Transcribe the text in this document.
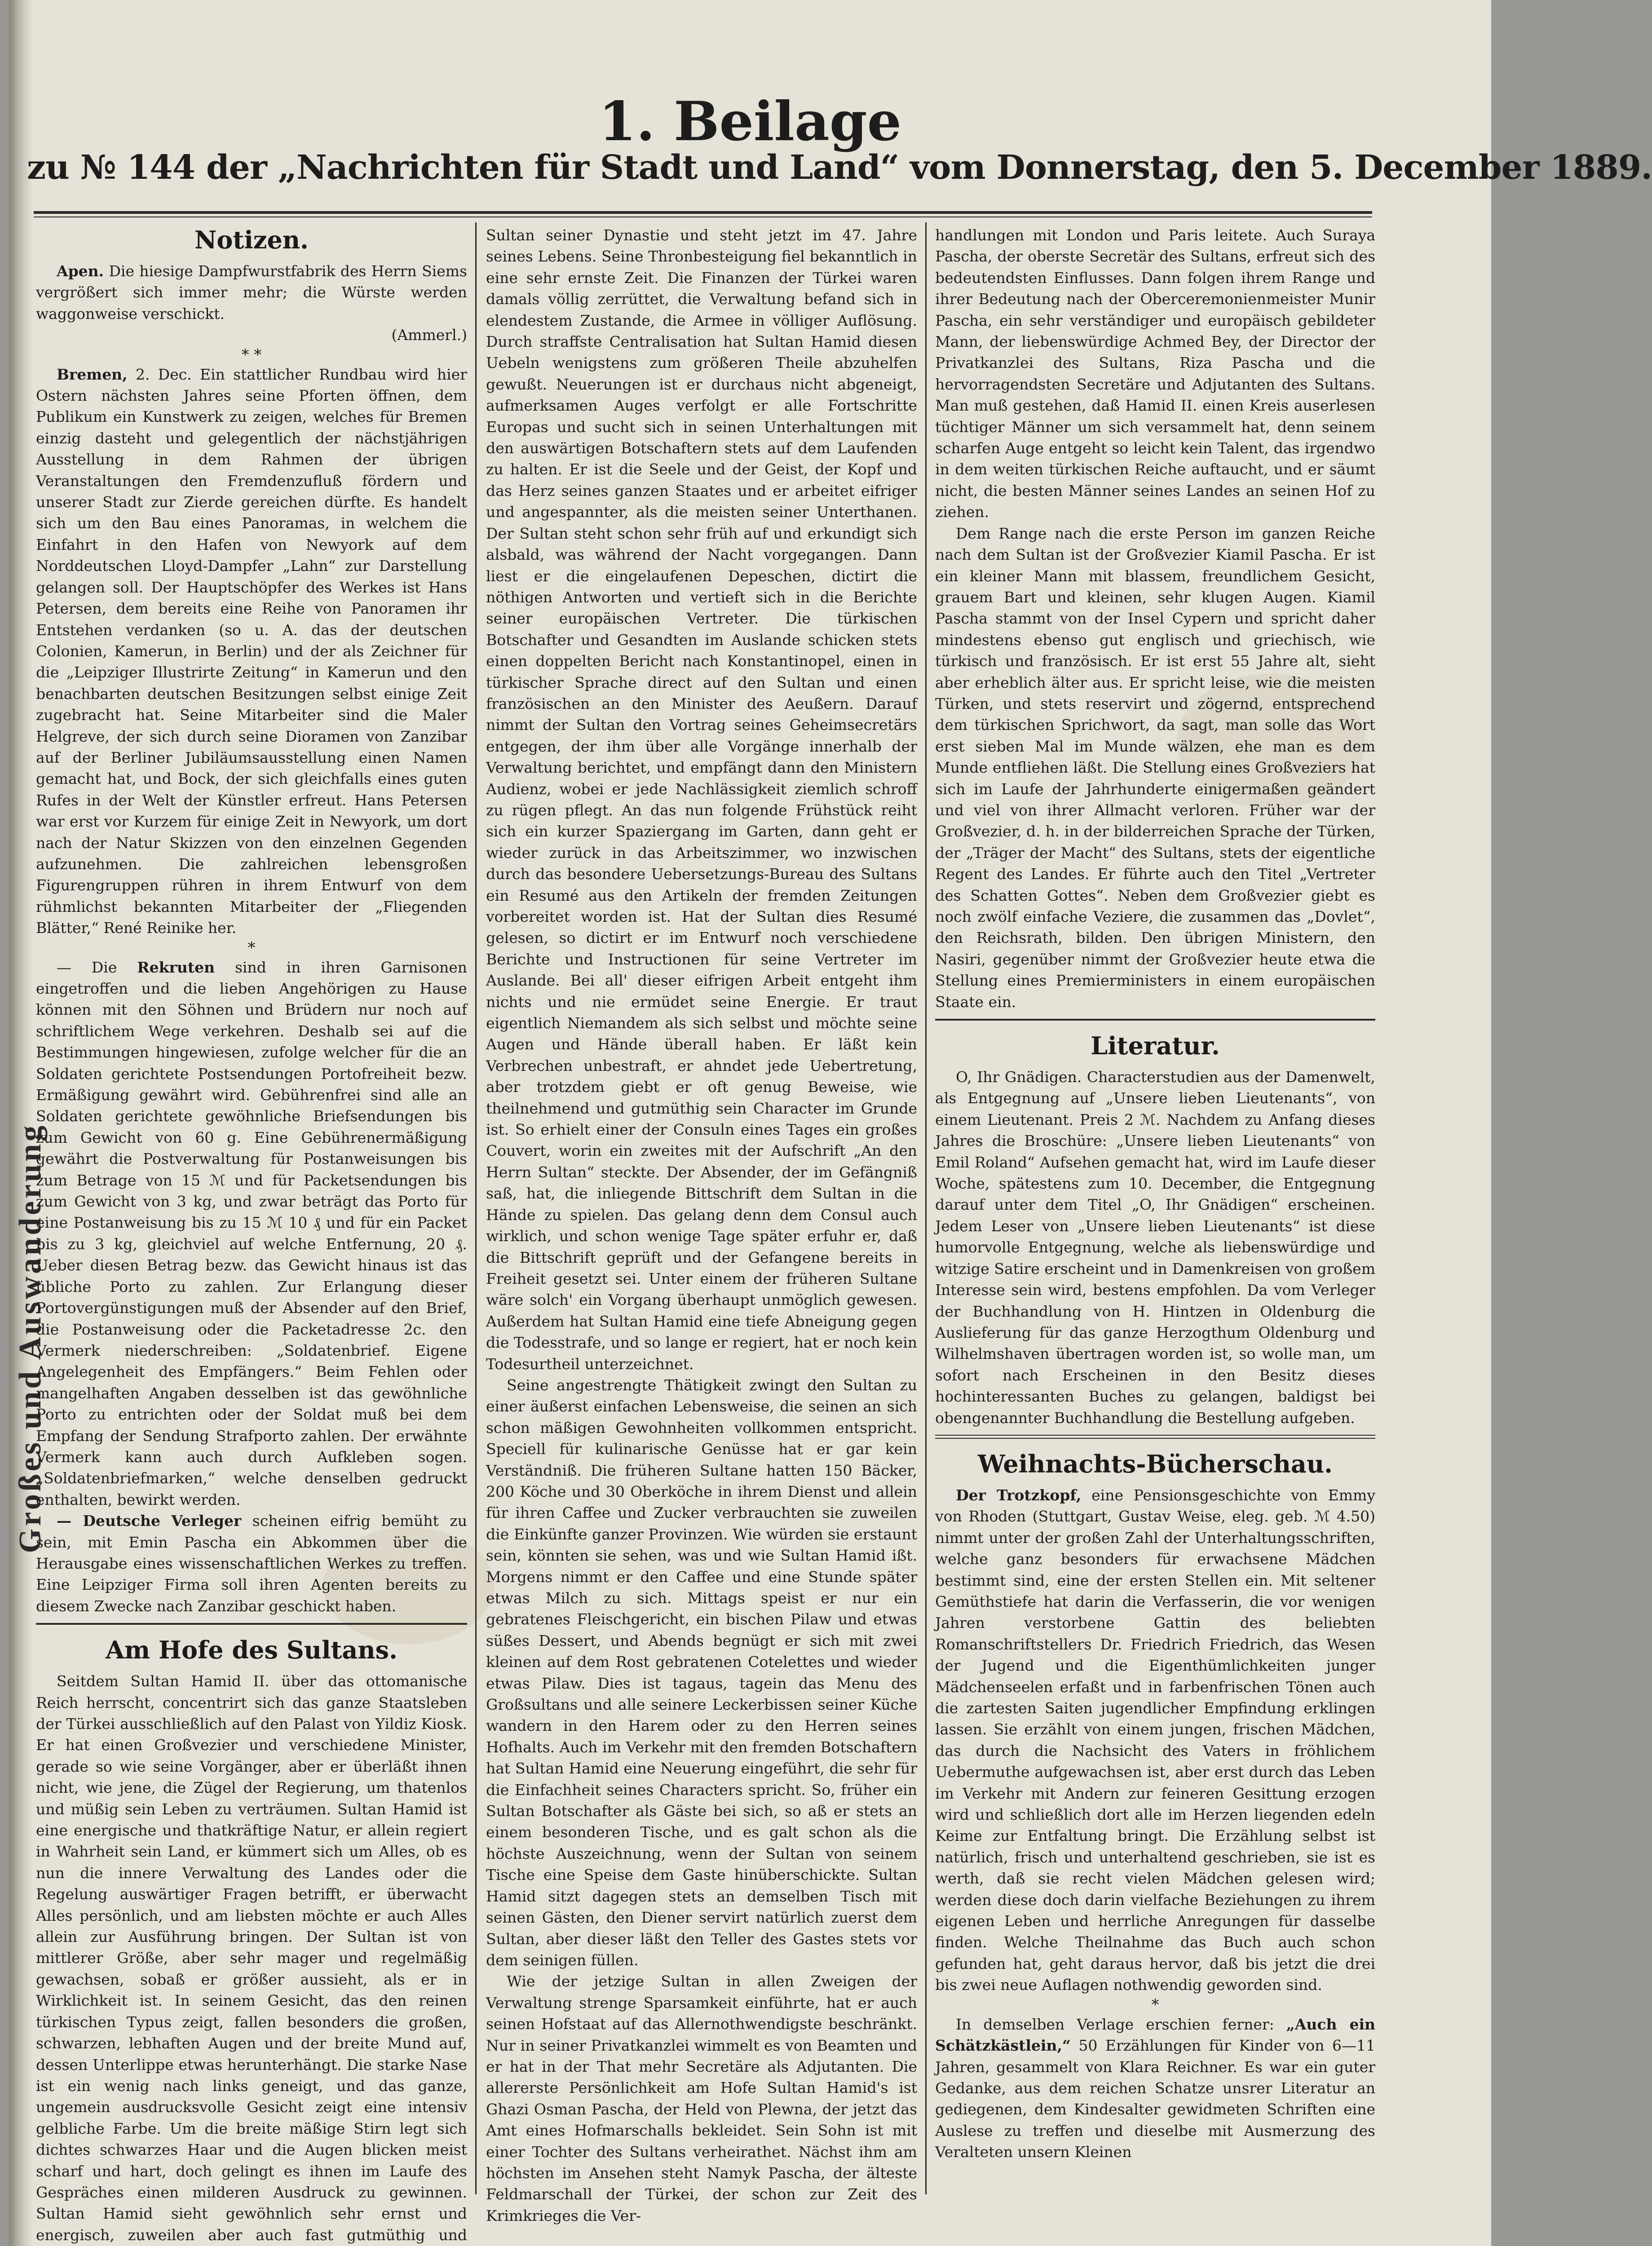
Großes und Auswanderung
1. Beilage
zu № 144 der „Nachrichten für Stadt und Land“ vom Donnerstag, den 5. December 1889.
Notizen.

Apen. Die hiesige Dampfwurstfabrik des Herrn Siems vergrößert sich immer mehr; die Würste werden waggonweise verschickt.

(Ammerl.)
* *

Bremen, 2. Dec. Ein stattlicher Rundbau wird hier Ostern nächsten Jahres seine Pforten öffnen, dem Publikum ein Kunstwerk zu zeigen, welches für Bremen einzig dasteht und gelegentlich der nächstjährigen Ausstellung in dem Rahmen der übrigen Veranstaltungen den Fremdenzufluß fördern und unserer Stadt zur Zierde gereichen dürfte. Es handelt sich um den Bau eines Panoramas, in welchem die Einfahrt in den Hafen von Newyork auf dem Norddeutschen Lloyd-Dampfer „Lahn“ zur Darstellung gelangen soll. Der Hauptschöpfer des Werkes ist Hans Petersen, dem bereits eine Reihe von Panoramen ihr Entstehen verdanken (so u. A. das der deutschen Colonien, Kamerun, in Berlin) und der als Zeichner für die „Leipziger Illustrirte Zeitung“ in Kamerun und den benachbarten deutschen Besitzungen selbst einige Zeit zugebracht hat. Seine Mitarbeiter sind die Maler Helgreve, der sich durch seine Dioramen von Zanzibar auf der Berliner Jubiläumsausstellung einen Namen gemacht hat, und Bock, der sich gleichfalls eines guten Rufes in der Welt der Künstler erfreut. Hans Petersen war erst vor Kurzem für einige Zeit in Newyork, um dort nach der Natur Skizzen von den einzelnen Gegenden aufzunehmen. Die zahlreichen lebensgroßen Figurengruppen rühren in ihrem Entwurf von dem rühmlichst bekannten Mitarbeiter der „Fliegenden Blätter,“ René Reinike her.

*

— Die Rekruten sind in ihren Garnisonen eingetroffen und die lieben Angehörigen zu Hause können mit den Söhnen und Brüdern nur noch auf schriftlichem Wege verkehren. Deshalb sei auf die Bestimmungen hingewiesen, zufolge welcher für die an Soldaten gerichtete Postsendungen Portofreiheit bezw. Ermäßigung gewährt wird. Gebührenfrei sind alle an Soldaten gerichtete gewöhnliche Briefsendungen bis zum Gewicht von 60 g. Eine Gebührenermäßigung gewährt die Postverwaltung für Postanweisungen bis zum Betrage von 15 ℳ und für Packetsendungen bis zum Gewicht von 3 kg, und zwar beträgt das Porto für eine Postanweisung bis zu 15 ℳ 10 ₰ und für ein Packet bis zu 3 kg, gleichviel auf welche Entfernung, 20 ₰. Ueber diesen Betrag bezw. das Gewicht hinaus ist das übliche Porto zu zahlen. Zur Erlangung dieser Portovergünstigungen muß der Absender auf den Brief, die Postanweisung oder die Packetadresse 2c. den Vermerk niederschreiben: „Soldatenbrief. Eigene Angelegenheit des Empfängers.“ Beim Fehlen oder mangelhaften Angaben desselben ist das gewöhnliche Porto zu entrichten oder der Soldat muß bei dem Empfang der Sendung Strafporto zahlen. Der erwähnte Vermerk kann auch durch Aufkleben sogen. „Soldatenbriefmarken,“ welche denselben gedruckt enthalten, bewirkt werden.

— Deutsche Verleger scheinen eifrig bemüht zu sein, mit Emin Pascha ein Abkommen über die Herausgabe eines wissenschaftlichen Werkes zu treffen. Eine Leipziger Firma soll ihren Agenten bereits zu diesem Zwecke nach Zanzibar geschickt haben.

Am Hofe des Sultans.

Seitdem Sultan Hamid II. über das ottomanische Reich herrscht, concentrirt sich das ganze Staatsleben der Türkei ausschließlich auf den Palast von Yildiz Kiosk. Er hat einen Großvezier und verschiedene Minister, gerade so wie seine Vorgänger, aber er überläßt ihnen nicht, wie jene, die Zügel der Regierung, um thatenlos und müßig sein Leben zu verträumen. Sultan Hamid ist eine energische und thatkräftige Natur, er allein regiert in Wahrheit sein Land, er kümmert sich um Alles, ob es nun die innere Verwaltung des Landes oder die Regelung auswärtiger Fragen betrifft, er überwacht Alles persönlich, und am liebsten möchte er auch Alles allein zur Ausführung bringen. Der Sultan ist von mittlerer Größe, aber sehr mager und regelmäßig gewachsen, sobaß er größer aussieht, als er in Wirklichkeit ist. In seinem Gesicht, das den reinen türkischen Typus zeigt, fallen besonders die großen, schwarzen, lebhaften Augen und der breite Mund auf, dessen Unterlippe etwas herunterhängt. Die starke Nase ist ein wenig nach links geneigt, und das ganze, ungemein ausdrucksvolle Gesicht zeigt eine intensiv gelbliche Farbe. Um die breite mäßige Stirn legt sich dichtes schwarzes Haar und die Augen blicken meist scharf und hart, doch gelingt es ihnen im Laufe des Gespräches einen milderen Ausdruck zu gewinnen. Sultan Hamid sieht gewöhnlich sehr ernst und energisch, zuweilen aber auch fast gutmüthig und

Sultan seiner Dynastie und steht jetzt im 47. Jahre seines Lebens. Seine Thronbesteigung fiel bekanntlich in eine sehr ernste Zeit. Die Finanzen der Türkei waren damals völlig zerrüttet, die Verwaltung befand sich in elendestem Zustande, die Armee in völliger Auflösung. Durch straffste Centralisation hat Sultan Hamid diesen Uebeln wenigstens zum größeren Theile abzuhelfen gewußt. Neuerungen ist er durchaus nicht abgeneigt, aufmerksamen Auges verfolgt er alle Fortschritte Europas und sucht sich in seinen Unterhaltungen mit den auswärtigen Botschaftern stets auf dem Laufenden zu halten. Er ist die Seele und der Geist, der Kopf und das Herz seines ganzen Staates und er arbeitet eifriger und angespannter, als die meisten seiner Unterthanen. Der Sultan steht schon sehr früh auf und erkundigt sich alsbald, was während der Nacht vorgegangen. Dann liest er die eingelaufenen Depeschen, dictirt die nöthigen Antworten und vertieft sich in die Berichte seiner europäischen Vertreter. Die türkischen Botschafter und Gesandten im Auslande schicken stets einen doppelten Bericht nach Konstantinopel, einen in türkischer Sprache direct auf den Sultan und einen französischen an den Minister des Aeußern. Darauf nimmt der Sultan den Vortrag seines Geheimsecretärs entgegen, der ihm über alle Vorgänge innerhalb der Verwaltung berichtet, und empfängt dann den Ministern Audienz, wobei er jede Nachlässigkeit ziemlich schroff zu rügen pflegt. An das nun folgende Frühstück reiht sich ein kurzer Spaziergang im Garten, dann geht er wieder zurück in das Arbeitszimmer, wo inzwischen durch das besondere Uebersetzungs-Bureau des Sultans ein Resumé aus den Artikeln der fremden Zeitungen vorbereitet worden ist. Hat der Sultan dies Resumé gelesen, so dictirt er im Entwurf noch verschiedene Berichte und Instructionen für seine Vertreter im Auslande. Bei all' dieser eifrigen Arbeit entgeht ihm nichts und nie ermüdet seine Energie. Er traut eigentlich Niemandem als sich selbst und möchte seine Augen und Hände überall haben. Er läßt kein Verbrechen unbestraft, er ahndet jede Uebertretung, aber trotzdem giebt er oft genug Beweise, wie theilnehmend und gutmüthig sein Character im Grunde ist. So erhielt einer der Consuln eines Tages ein großes Couvert, worin ein zweites mit der Aufschrift „An den Herrn Sultan“ steckte. Der Absender, der im Gefängniß saß, hat, die inliegende Bittschrift dem Sultan in die Hände zu spielen. Das gelang denn dem Consul auch wirklich, und schon wenige Tage später erfuhr er, daß die Bittschrift geprüft und der Gefangene bereits in Freiheit gesetzt sei. Unter einem der früheren Sultane wäre solch' ein Vorgang überhaupt unmöglich gewesen. Außerdem hat Sultan Hamid eine tiefe Abneigung gegen die Todesstrafe, und so lange er regiert, hat er noch kein Todesurtheil unterzeichnet.

Seine angestrengte Thätigkeit zwingt den Sultan zu einer äußerst einfachen Lebensweise, die seinen an sich schon mäßigen Gewohnheiten vollkommen entspricht. Speciell für kulinarische Genüsse hat er gar kein Verständniß. Die früheren Sultane hatten 150 Bäcker, 200 Köche und 30 Oberköche in ihrem Dienst und allein für ihren Caffee und Zucker verbrauchten sie zuweilen die Einkünfte ganzer Provinzen. Wie würden sie erstaunt sein, könnten sie sehen, was und wie Sultan Hamid ißt. Morgens nimmt er den Caffee und eine Stunde später etwas Milch zu sich. Mittags speist er nur ein gebratenes Fleischgericht, ein bischen Pilaw und etwas süßes Dessert, und Abends begnügt er sich mit zwei kleinen auf dem Rost gebratenen Cotelettes und wieder etwas Pilaw. Dies ist tagaus, tagein das Menu des Großsultans und alle seinere Leckerbissen seiner Küche wandern in den Harem oder zu den Herren seines Hofhalts. Auch im Verkehr mit den fremden Botschaftern hat Sultan Hamid eine Neuerung eingeführt, die sehr für die Einfachheit seines Characters spricht. So, früher ein Sultan Botschafter als Gäste bei sich, so aß er stets an einem besonderen Tische, und es galt schon als die höchste Auszeichnung, wenn der Sultan von seinem Tische eine Speise dem Gaste hinüberschickte. Sultan Hamid sitzt dagegen stets an demselben Tisch mit seinen Gästen, den Diener servirt natürlich zuerst dem Sultan, aber dieser läßt den Teller des Gastes stets vor dem seinigen füllen.

Wie der jetzige Sultan in allen Zweigen der Verwaltung strenge Sparsamkeit einführte, hat er auch seinen Hofstaat auf das Allernothwendigste beschränkt. Nur in seiner Privatkanzlei wimmelt es von Beamten und er hat in der That mehr Secretäre als Adjutanten. Die allererste Persönlichkeit am Hofe Sultan Hamid's ist Ghazi Osman Pascha, der Held von Plewna, der jetzt das Amt eines Hofmarschalls bekleidet. Sein Sohn ist mit einer Tochter des Sultans verheirathet. Nächst ihm am höchsten im Ansehen steht Namyk Pascha, der älteste Feldmarschall der Türkei, der schon zur Zeit des Krimkrieges die Ver-

handlungen mit London und Paris leitete. Auch Suraya Pascha, der oberste Secretär des Sultans, erfreut sich des bedeutendsten Einflusses. Dann folgen ihrem Range und ihrer Bedeutung nach der Oberceremonienmeister Munir Pascha, ein sehr verständiger und europäisch gebildeter Mann, der liebenswürdige Achmed Bey, der Director der Privatkanzlei des Sultans, Riza Pascha und die hervorragendsten Secretäre und Adjutanten des Sultans. Man muß gestehen, daß Hamid II. einen Kreis auserlesen tüchtiger Männer um sich versammelt hat, denn seinem scharfen Auge entgeht so leicht kein Talent, das irgendwo in dem weiten türkischen Reiche auftaucht, und er säumt nicht, die besten Männer seines Landes an seinen Hof zu ziehen.

Dem Range nach die erste Person im ganzen Reiche nach dem Sultan ist der Großvezier Kiamil Pascha. Er ist ein kleiner Mann mit blassem, freundlichem Gesicht, grauem Bart und kleinen, sehr klugen Augen. Kiamil Pascha stammt von der Insel Cypern und spricht daher mindestens ebenso gut englisch und griechisch, wie türkisch und französisch. Er ist erst 55 Jahre alt, sieht aber erheblich älter aus. Er spricht leise, wie die meisten Türken, und stets reservirt und zögernd, entsprechend dem türkischen Sprichwort, da sagt, man solle das Wort erst sieben Mal im Munde wälzen, ehe man es dem Munde entfliehen läßt. Die Stellung eines Großveziers hat sich im Laufe der Jahrhunderte einigermaßen geändert und viel von ihrer Allmacht verloren. Früher war der Großvezier, d. h. in der bilderreichen Sprache der Türken, der „Träger der Macht“ des Sultans, stets der eigentliche Regent des Landes. Er führte auch den Titel „Vertreter des Schatten Gottes“. Neben dem Großvezier giebt es noch zwölf einfache Veziere, die zusammen das „Dovlet“, den Reichsrath, bilden. Den übrigen Ministern, den Nasiri, gegenüber nimmt der Großvezier heute etwa die Stellung eines Premierministers in einem europäischen Staate ein.

Literatur.

O, Ihr Gnädigen. Characterstudien aus der Damenwelt, als Entgegnung auf „Unsere lieben Lieutenants“, von einem Lieutenant. Preis 2 ℳ. Nachdem zu Anfang dieses Jahres die Broschüre: „Unsere lieben Lieutenants“ von Emil Roland“ Aufsehen gemacht hat, wird im Laufe dieser Woche, spätestens zum 10. December, die Entgegnung darauf unter dem Titel „O, Ihr Gnädigen“ erscheinen. Jedem Leser von „Unsere lieben Lieutenants“ ist diese humorvolle Entgegnung, welche als liebenswürdige und witzige Satire erscheint und in Damenkreisen von großem Interesse sein wird, bestens empfohlen. Da vom Verleger der Buchhandlung von H. Hintzen in Oldenburg die Auslieferung für das ganze Herzogthum Oldenburg und Wilhelmshaven übertragen worden ist, so wolle man, um sofort nach Erscheinen in den Besitz dieses hochinteressanten Buches zu gelangen, baldigst bei obengenannter Buchhandlung die Bestellung aufgeben.

Weihnachts-Bücherschau.

Der Trotzkopf, eine Pensionsgeschichte von Emmy von Rhoden (Stuttgart, Gustav Weise, eleg. geb. ℳ 4.50) nimmt unter der großen Zahl der Unterhaltungsschriften, welche ganz besonders für erwachsene Mädchen bestimmt sind, eine der ersten Stellen ein. Mit seltener Gemüthstiefe hat darin die Verfasserin, die vor wenigen Jahren verstorbene Gattin des beliebten Romanschriftstellers Dr. Friedrich Friedrich, das Wesen der Jugend und die Eigenthümlichkeiten junger Mädchenseelen erfaßt und in farbenfrischen Tönen auch die zartesten Saiten jugendlicher Empfindung erklingen lassen. Sie erzählt von einem jungen, frischen Mädchen, das durch die Nachsicht des Vaters in fröhlichem Uebermuthe aufgewachsen ist, aber erst durch das Leben im Verkehr mit Andern zur feineren Gesittung erzogen wird und schließlich dort alle im Herzen liegenden edeln Keime zur Entfaltung bringt. Die Erzählung selbst ist natürlich, frisch und unterhaltend geschrieben, sie ist es werth, daß sie recht vielen Mädchen gelesen wird; werden diese doch darin vielfache Beziehungen zu ihrem eigenen Leben und herrliche Anregungen für dasselbe finden. Welche Theilnahme das Buch auch schon gefunden hat, geht daraus hervor, daß bis jetzt die drei bis zwei neue Auflagen nothwendig geworden sind.

*

In demselben Verlage erschien ferner: „Auch ein Schätzkästlein,“ 50 Erzählungen für Kinder von 6—11 Jahren, gesammelt von Klara Reichner. Es war ein guter Gedanke, aus dem reichen Schatze unsrer Literatur an gediegenen, dem Kindesalter gewidmeten Schriften eine Auslese zu treffen und dieselbe mit Ausmerzung des Veralteten unsern Kleinen
